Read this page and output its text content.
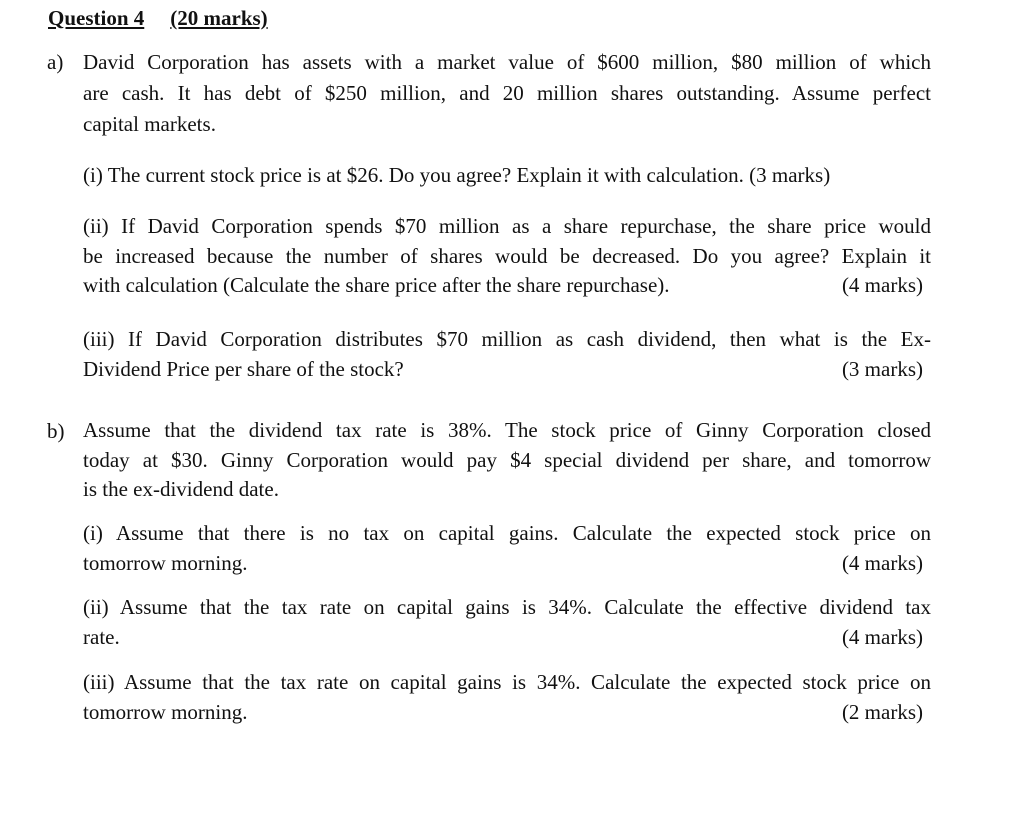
Question 4 (20 marks)
a) David Corporation has assets with a market value of $600 million, $80 million of which
are cash. It has debt of $250 million, and 20 million shares outstanding. Assume perfect
capital markets.
(i) The current stock price is at $26. Do you agree? Explain it with calculation. (3 marks)
(ii) If David Corporation spends $70 million as a share repurchase, the share price would
be increased because the number of shares would be decreased. Do you agree? Explain it
with calculation (Calculate the share price after the share repurchase).	(4 marks)
(iii) If David Corporation distributes $70 million as cash dividend, then what is the Ex-
Dividend Price per share of the stock?	(3 marks)
b) Assume that the dividend tax rate is 38%. The stock price of Ginny Corporation closed
today at $30. Ginny Corporation would pay $4 special dividend per share, and tomorrow
is the ex-dividend date.
(i) Assume that there is no tax on capital gains. Calculate the expected stock price on
tomorrow morning.	(4 marks)
(ii) Assume that the tax rate on capital gains is 34%. Calculate the effective dividend tax
rate.	(4 marks)
(iii) Assume that the tax rate on capital gains is 34%. Calculate the expected stock price on
tomorrow morning.	(2 marks)
